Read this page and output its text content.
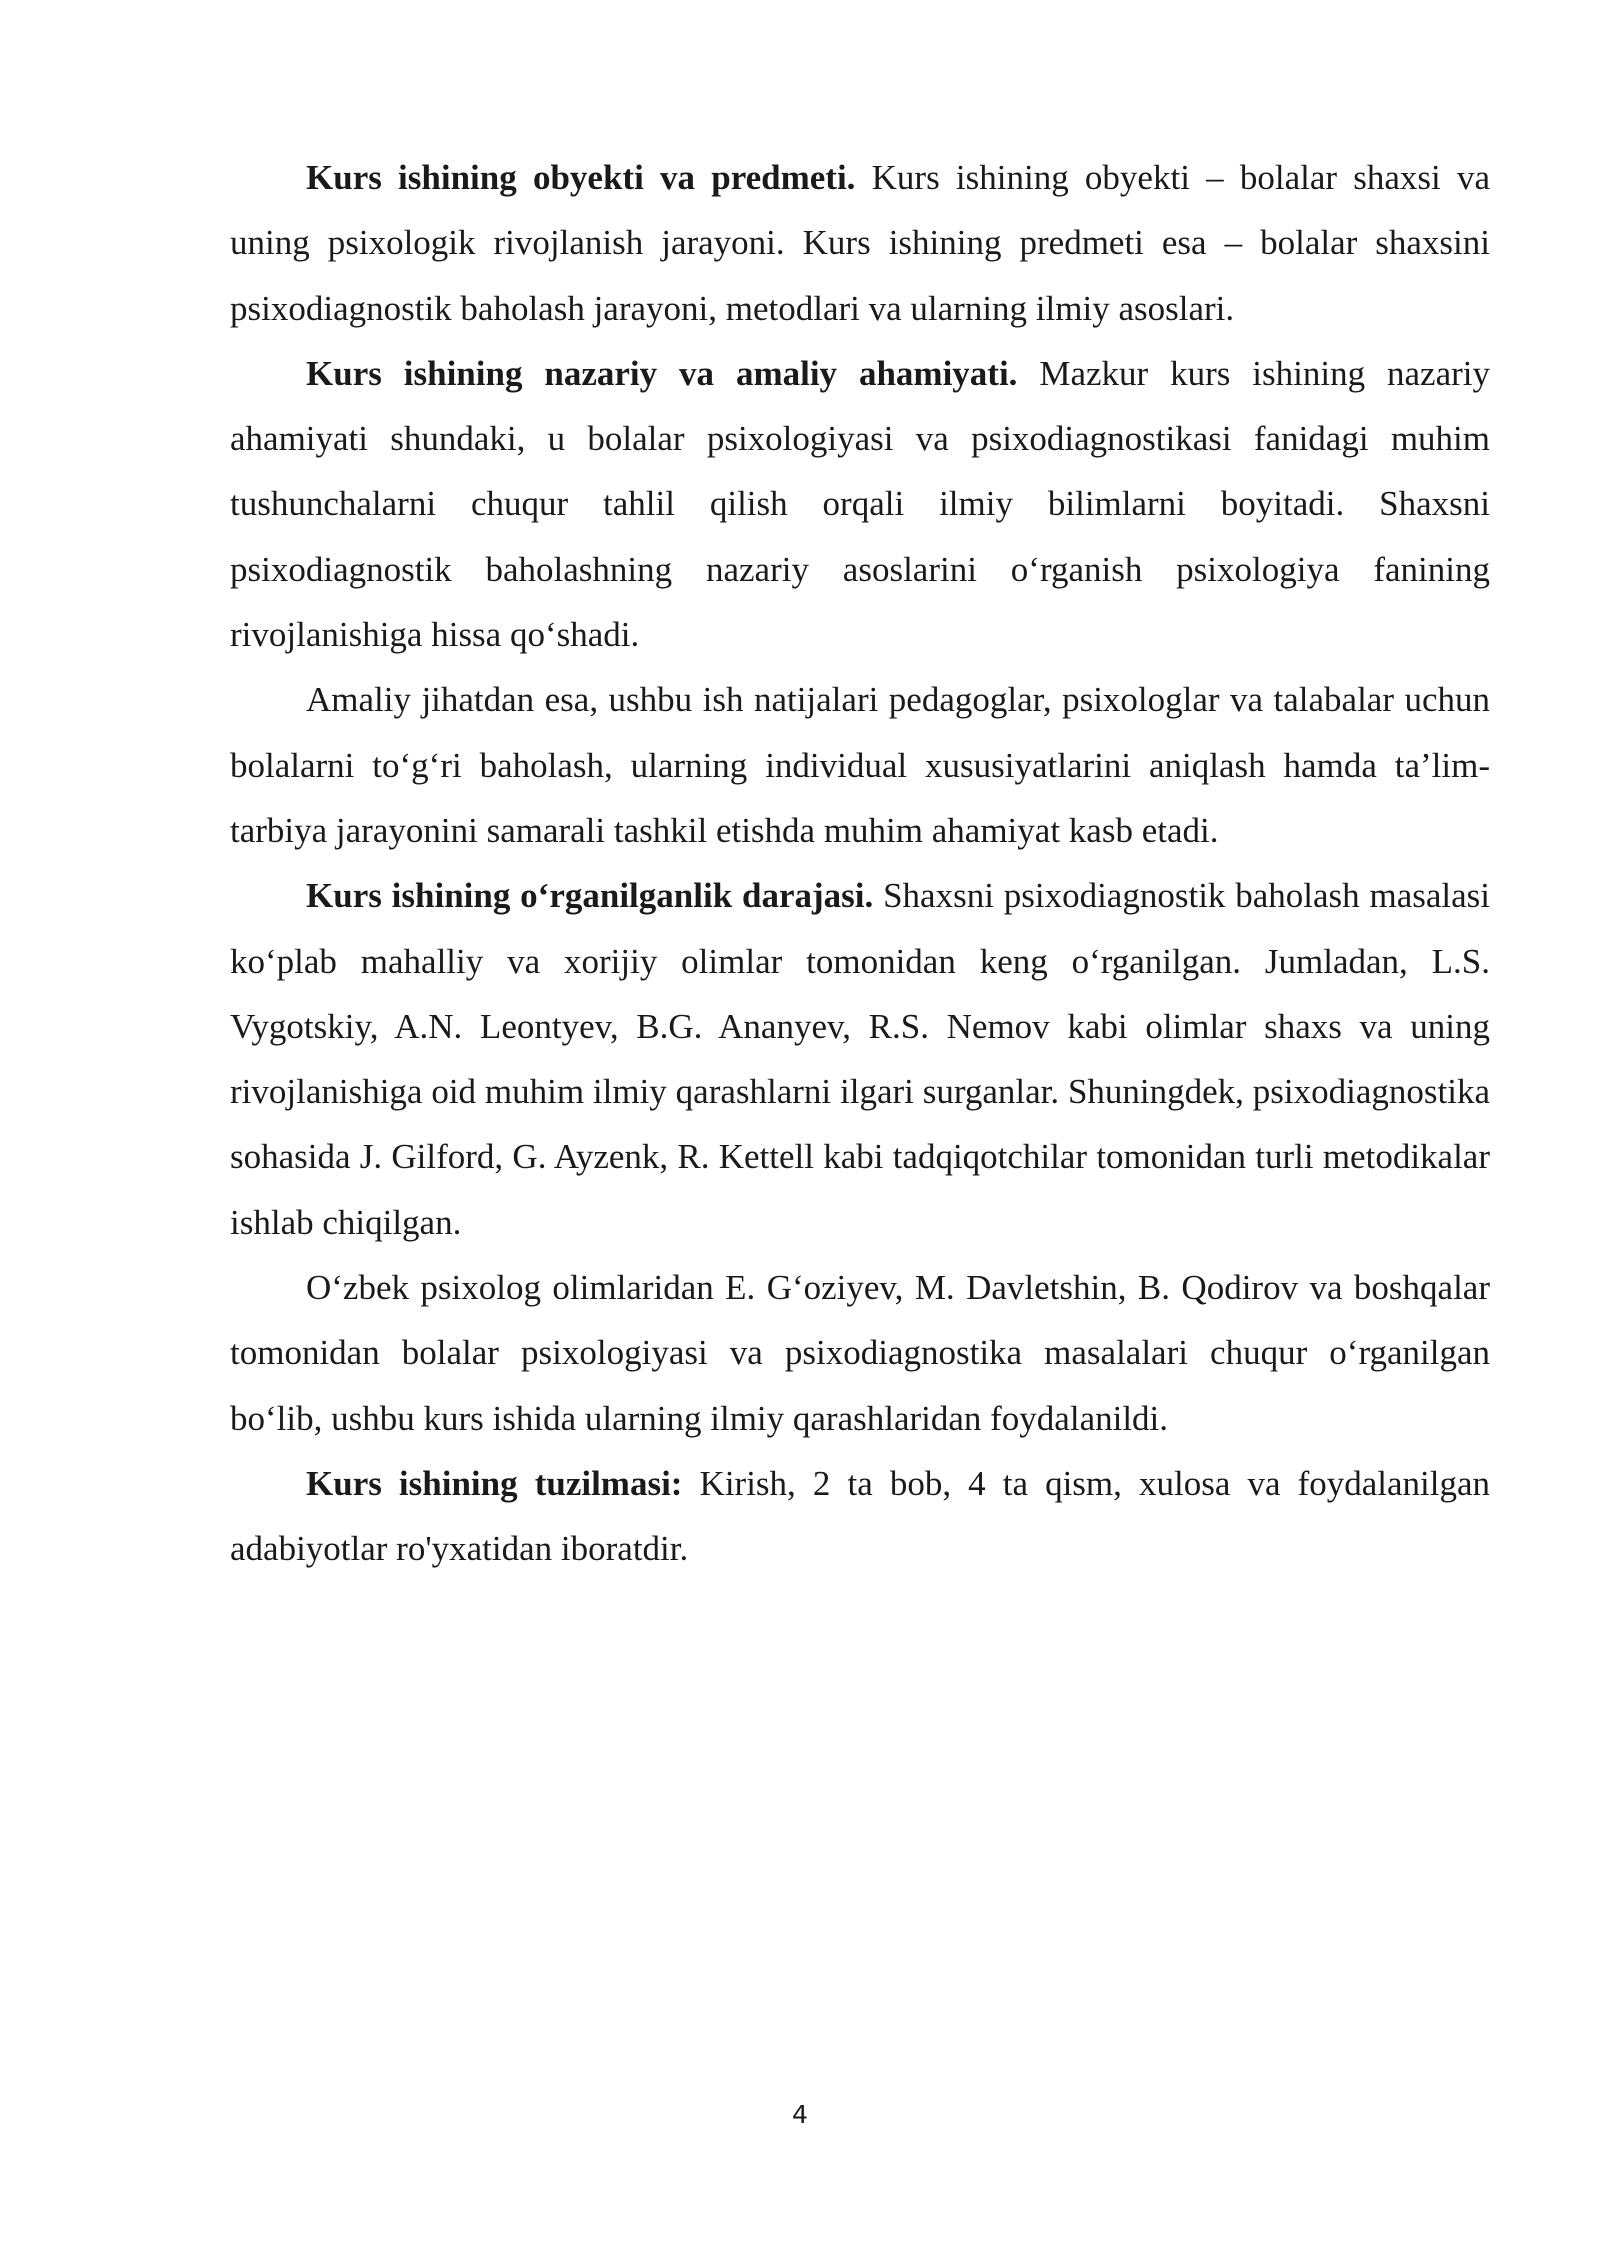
Kurs ishining obyekti va predmeti. Kurs ishining obyekti – bolalar shaxsi va uning psixologik rivojlanish jarayoni. Kurs ishining predmeti esa – bolalar shaxsini psixodiagnostik baholash jarayoni, metodlari va ularning ilmiy asoslari.

Kurs ishining nazariy va amaliy ahamiyati. Mazkur kurs ishining nazariy ahamiyati shundaki, u bolalar psixologiyasi va psixodiagnostikasi fanidagi muhim tushunchalarni chuqur tahlil qilish orqali ilmiy bilimlarni boyitadi. Shaxsni psixodiagnostik baholashning nazariy asoslarini oʻrganish psixologiya fanining rivojlanishiga hissa qoʻshadi.

Amaliy jihatdan esa, ushbu ish natijalari pedagoglar, psixologlar va talabalar uchun bolalarni toʻgʻri baholash, ularning individual xususiyatlarini aniqlash hamda ta’lim-tarbiya jarayonini samarali tashkil etishda muhim ahamiyat kasb etadi.

Kurs ishining oʻrganilganlik darajasi. Shaxsni psixodiagnostik baholash masalasi koʻplab mahalliy va xorijiy olimlar tomonidan keng oʻrganilgan. Jumladan, L.S. Vygotskiy, A.N. Leontyev, B.G. Ananyev, R.S. Nemov kabi olimlar shaxs va uning rivojlanishiga oid muhim ilmiy qarashlarni ilgari surganlar. Shuningdek, psixodiagnostika sohasida J. Gilford, G. Ayzenk, R. Kettell kabi tadqiqotchilar tomonidan turli metodikalar ishlab chiqilgan.

Oʻzbek psixolog olimlaridan E. Gʻoziyev, M. Davletshin, B. Qodirov va boshqalar tomonidan bolalar psixologiyasi va psixodiagnostika masalalari chuqur oʻrganilgan boʻlib, ushbu kurs ishida ularning ilmiy qarashlaridan foydalanildi.

Kurs ishining tuzilmasi: Kirish, 2 ta bob, 4 ta qism, xulosa va foydalanilgan adabiyotlar ro'yxatidan iboratdir.

4
